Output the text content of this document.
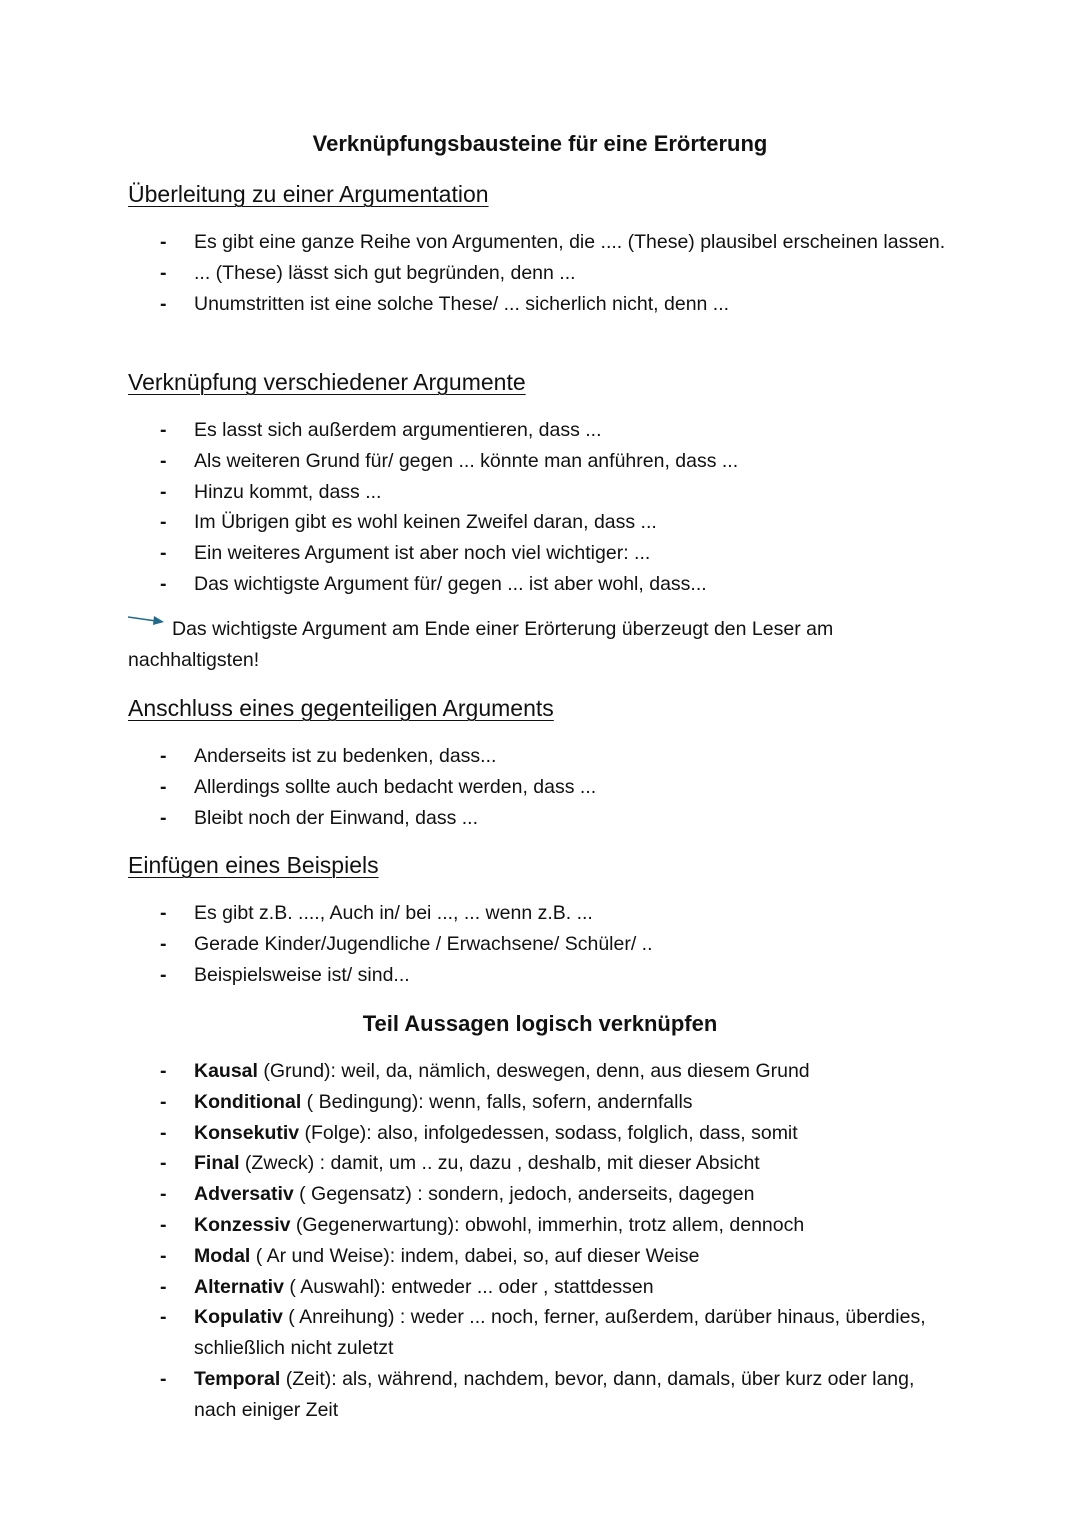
Verknüpfungsbausteine für eine Erörterung
Überleitung zu einer Argumentation
- Es gibt eine ganze Reihe von Argumenten, die .... (These) plausibel erscheinen lassen.
- ... (These) lässt sich gut begründen, denn ...
- Unumstritten ist eine solche These/ ... sicherlich nicht, denn ...
Verknüpfung verschiedener Argumente
- Es lasst sich außerdem argumentieren, dass ...
- Als weiteren Grund für/ gegen ... könnte man anführen, dass ...
- Hinzu kommt, dass ...
- Im Übrigen gibt es wohl keinen Zweifel daran, dass ...
- Ein weiteres Argument ist aber noch viel wichtiger: ...
- Das wichtigste Argument für/ gegen ... ist aber wohl, dass...
Das wichtigste Argument am Ende einer Erörterung überzeugt den Leser am nachhaltigsten!
Anschluss eines gegenteiligen Arguments
- Anderseits ist zu bedenken, dass...
- Allerdings sollte auch bedacht werden, dass ...
- Bleibt noch der Einwand, dass ...
Einfügen eines Beispiels
- Es gibt z.B. ...., Auch in/ bei ..., ... wenn z.B. ...
- Gerade Kinder/Jugendliche / Erwachsene/ Schüler/ ..
- Beispielsweise ist/ sind...
Teil Aussagen logisch verknüpfen
- Kausal (Grund): weil, da, nämlich, deswegen, denn, aus diesem Grund
- Konditional ( Bedingung): wenn, falls, sofern, andernfalls
- Konsekutiv (Folge): also, infolgedessen, sodass, folglich, dass, somit
- Final (Zweck) : damit, um .. zu, dazu , deshalb, mit dieser Absicht
- Adversativ ( Gegensatz) : sondern, jedoch, anderseits, dagegen
- Konzessiv (Gegenerwartung): obwohl, immerhin, trotz allem, dennoch
- Modal ( Ar und Weise): indem, dabei, so, auf dieser Weise
- Alternativ ( Auswahl): entweder ... oder , stattdessen
- Kopulativ ( Anreihung) : weder ... noch, ferner, außerdem, darüber hinaus, überdies, schließlich nicht zuletzt
- Temporal (Zeit): als, während, nachdem, bevor, dann, damals, über kurz oder lang, nach einiger Zeit
